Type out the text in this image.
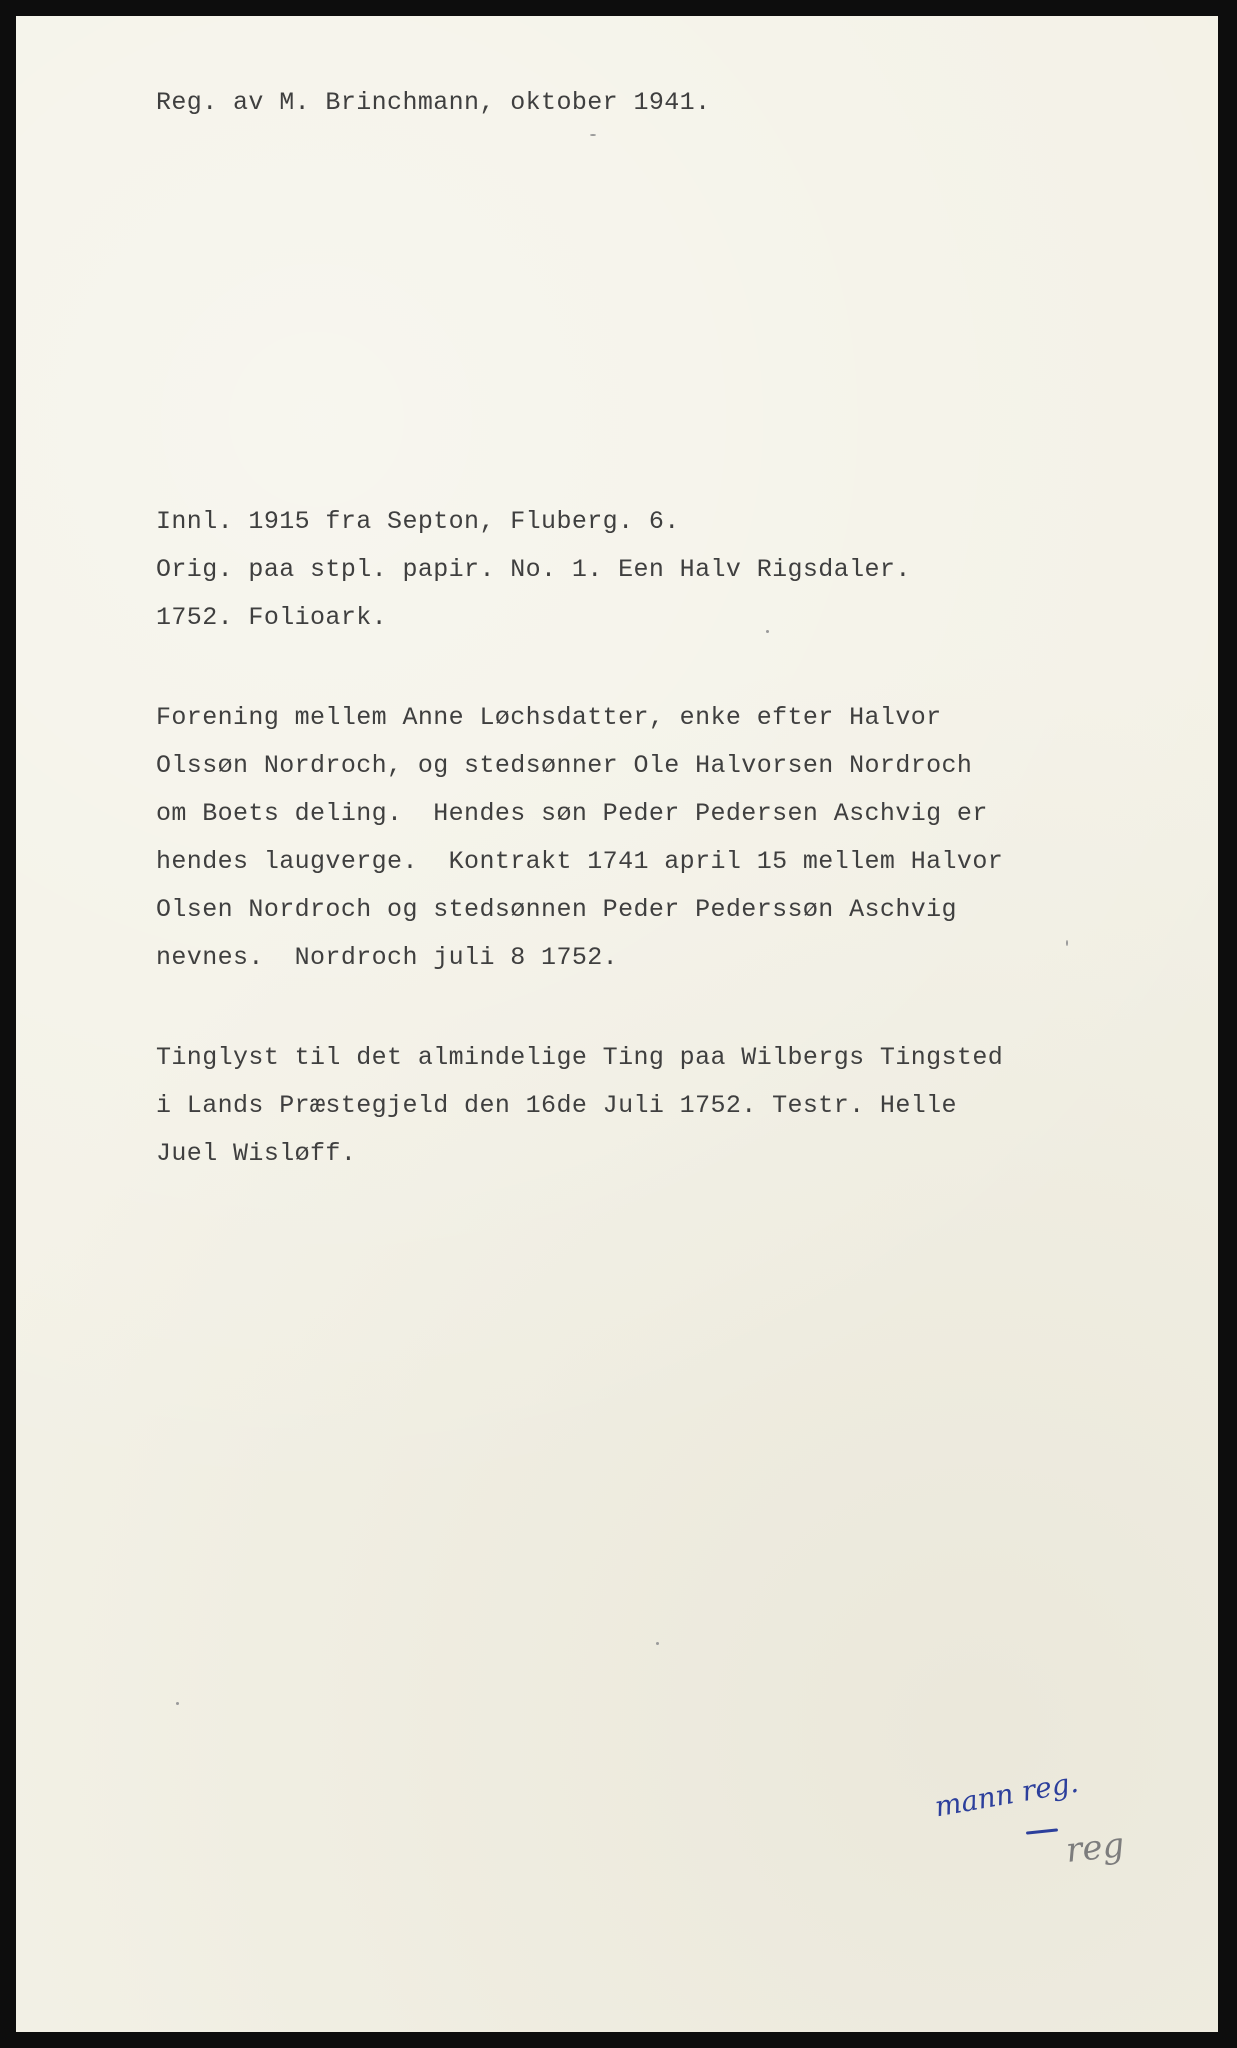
Reg. av M. Brinchmann, oktober 1941.
Innl. 1915 fra Septon, Fluberg. 6.
Orig. paa stpl. papir. No. 1. Een Halv Rigsdaler.
1752. Folioark.
Forening mellem Anne Løchsdatter, enke efter Halvor
Olssøn Nordroch, og stedsønner Ole Halvorsen Nordroch
om Boets deling.  Hendes søn Peder Pedersen Aschvig er
hendes laugverge.  Kontrakt 1741 april 15 mellem Halvor
Olsen Nordroch og stedsønnen Peder Pederssøn Aschvig
nevnes.  Nordroch juli 8 1752.
Tinglyst til det almindelige Ting paa Wilbergs Tingsted
i Lands Præstegjeld den 16de Juli 1752. Testr. Helle
Juel Wisløff.
mann reg.
reg
